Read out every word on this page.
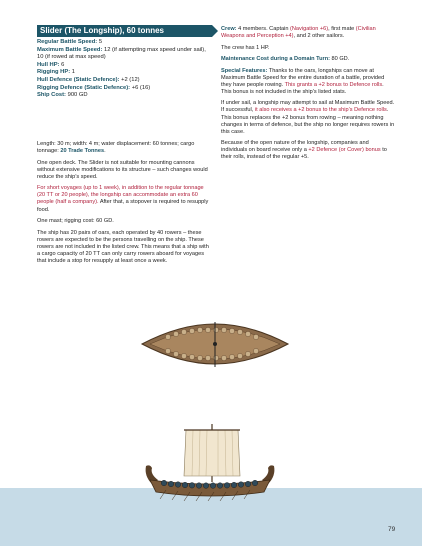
Slider (The Longship), 60 tonnes
Regular Battle Speed: 5
Maximum Battle Speed: 12 (if attempting max speed under sail), 10 (if rowed at max speed)
Hull HP: 6
Rigging HP: 1
Hull Defence (Static Defence): +2 (12)
Rigging Defence (Static Defence): +6 (16)
Ship Cost: 900 GD

Length: 30 m; width: 4 m; water displacement: 60 tonnes; cargo tonnage: 20 Trade Tonnes.

One open deck. The Slider is not suitable for mounting cannons without extensive modifications to its structure – such changes would reduce the ship’s speed.

For short voyages (up to 1 week), in addition to the regular tonnage (20 TT or 20 people), the longship can accommodate an extra 60 people (half a company). After that, a stopover is required to resupply food.

One mast; rigging cost: 60 GD.

The ship has 20 pairs of oars, each operated by 40 rowers – these rowers are expected to be the persons travelling on the ship. These rowers are not included in the listed crew. This means that a ship with a cargo capacity of 20 TT can only carry rowers aboard for voyages that include a stop for resupply at least once a week.

Crew: 4 members. Captain (Navigation +6), first mate (Civilian Weapons and Perception +4), and 2 other sailors.

The crew has 1 HP.

Maintenance Cost during a Domain Turn: 80 GD.

Special Features: Thanks to the oars, longships can move at Maximum Battle Speed for the entire duration of a battle, provided they have people rowing. This grants a +2 bonus to Defence rolls. This bonus is not included in the ship’s listed stats.

If under sail, a longship may attempt to sail at Maximum Battle Speed. If successful, it also receives a +2 bonus to the ship’s Defence rolls. This bonus replaces the +2 bonus from rowing – meaning nothing changes in terms of defence, but the ship no longer requires rowers in this case.

Because of the open nature of the longship, companies and individuals on board receive only a +2 Defence (or Cover) bonus to their rolls, instead of the regular +5.

79
